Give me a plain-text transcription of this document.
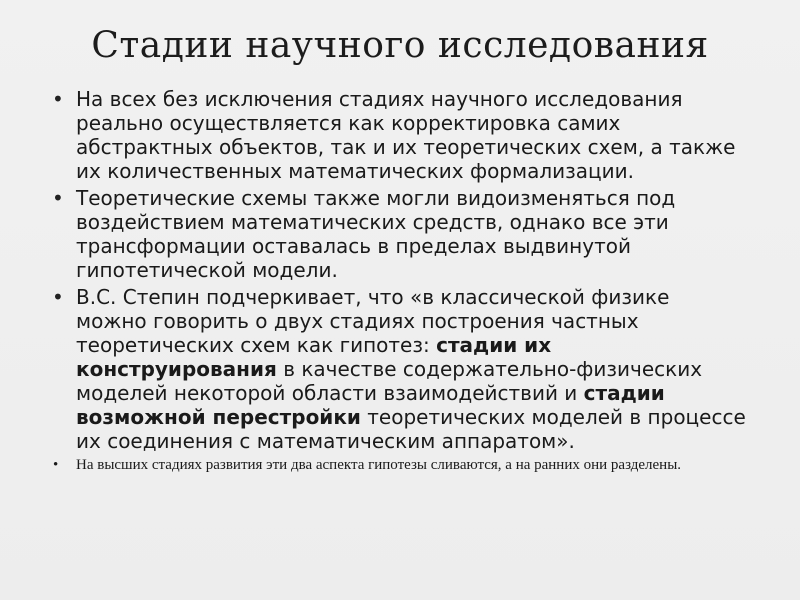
Стадии научного исследования
• На всех без исключения стадиях научного исследования реально осуществляется как корректировка самих абстрактных объектов, так и их теоретических схем, а также их количественных математических формализации.
• Теоретические схемы также могли видоизменяться под воздействием математических средств, однако все эти трансформации оставалась в пределах выдвинутой гипотетической модели.
• В.С. Степин подчеркивает, что «в классической физике можно говорить о двух стадиях построения частных теоретических схем как гипотез: стадии их конструирования в качестве содержательно-физических моделей некоторой области взаимодействий и стадии возможной перестройки теоретических моделей в процессе их соединения с математическим аппаратом».
• На высших стадиях развития эти два аспекта гипотезы сливаются, а на ранних они разделены.
